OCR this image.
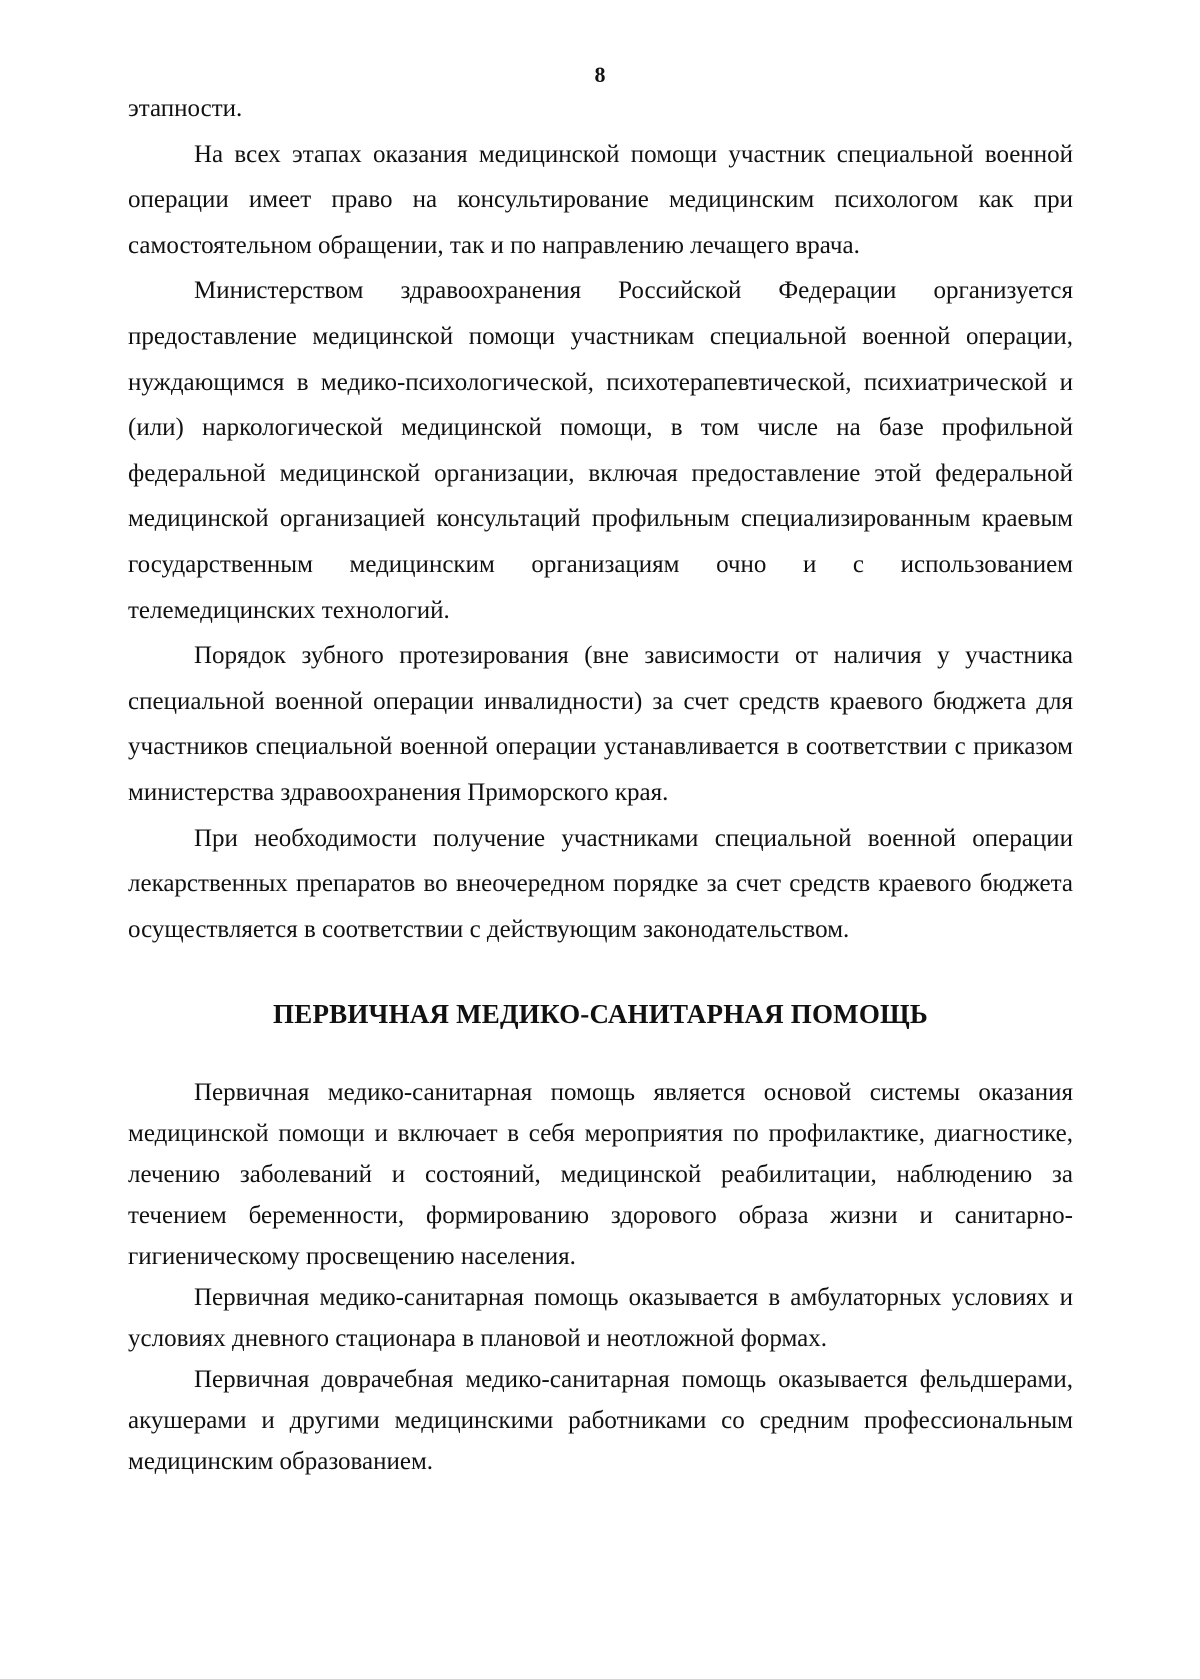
8

этапности.

На всех этапах оказания медицинской помощи участник специальной военной операции имеет право на консультирование медицинским психологом как при самостоятельном обращении, так и по направлению лечащего врача.

Министерством здравоохранения Российской Федерации организуется предоставление медицинской помощи участникам специальной военной операции, нуждающимся в медико-психологической, психотерапевтической, психиатрической и (или) наркологической медицинской помощи, в том числе на базе профильной федеральной медицинской организации, включая предоставление этой федеральной медицинской организацией консультаций профильным специализированным краевым государственным медицинским организациям очно и с использованием телемедицинских технологий.

Порядок зубного протезирования (вне зависимости от наличия у участника специальной военной операции инвалидности) за счет средств краевого бюджета для участников специальной военной операции устанавливается в соответствии с приказом министерства здравоохранения Приморского края.

При необходимости получение участниками специальной военной операции лекарственных препаратов во внеочередном порядке за счет средств краевого бюджета осуществляется в соответствии с действующим законодательством.

ПЕРВИЧНАЯ МЕДИКО-САНИТАРНАЯ ПОМОЩЬ

Первичная медико-санитарная помощь является основой системы оказания медицинской помощи и включает в себя мероприятия по профилактике, диагностике, лечению заболеваний и состояний, медицинской реабилитации, наблюдению за течением беременности, формированию здорового образа жизни и санитарно-гигиеническому просвещению населения.

Первичная медико-санитарная помощь оказывается в амбулаторных условиях и условиях дневного стационара в плановой и неотложной формах.

Первичная доврачебная медико-санитарная помощь оказывается фельдшерами, акушерами и другими медицинскими работниками со средним профессиональным медицинским образованием.
